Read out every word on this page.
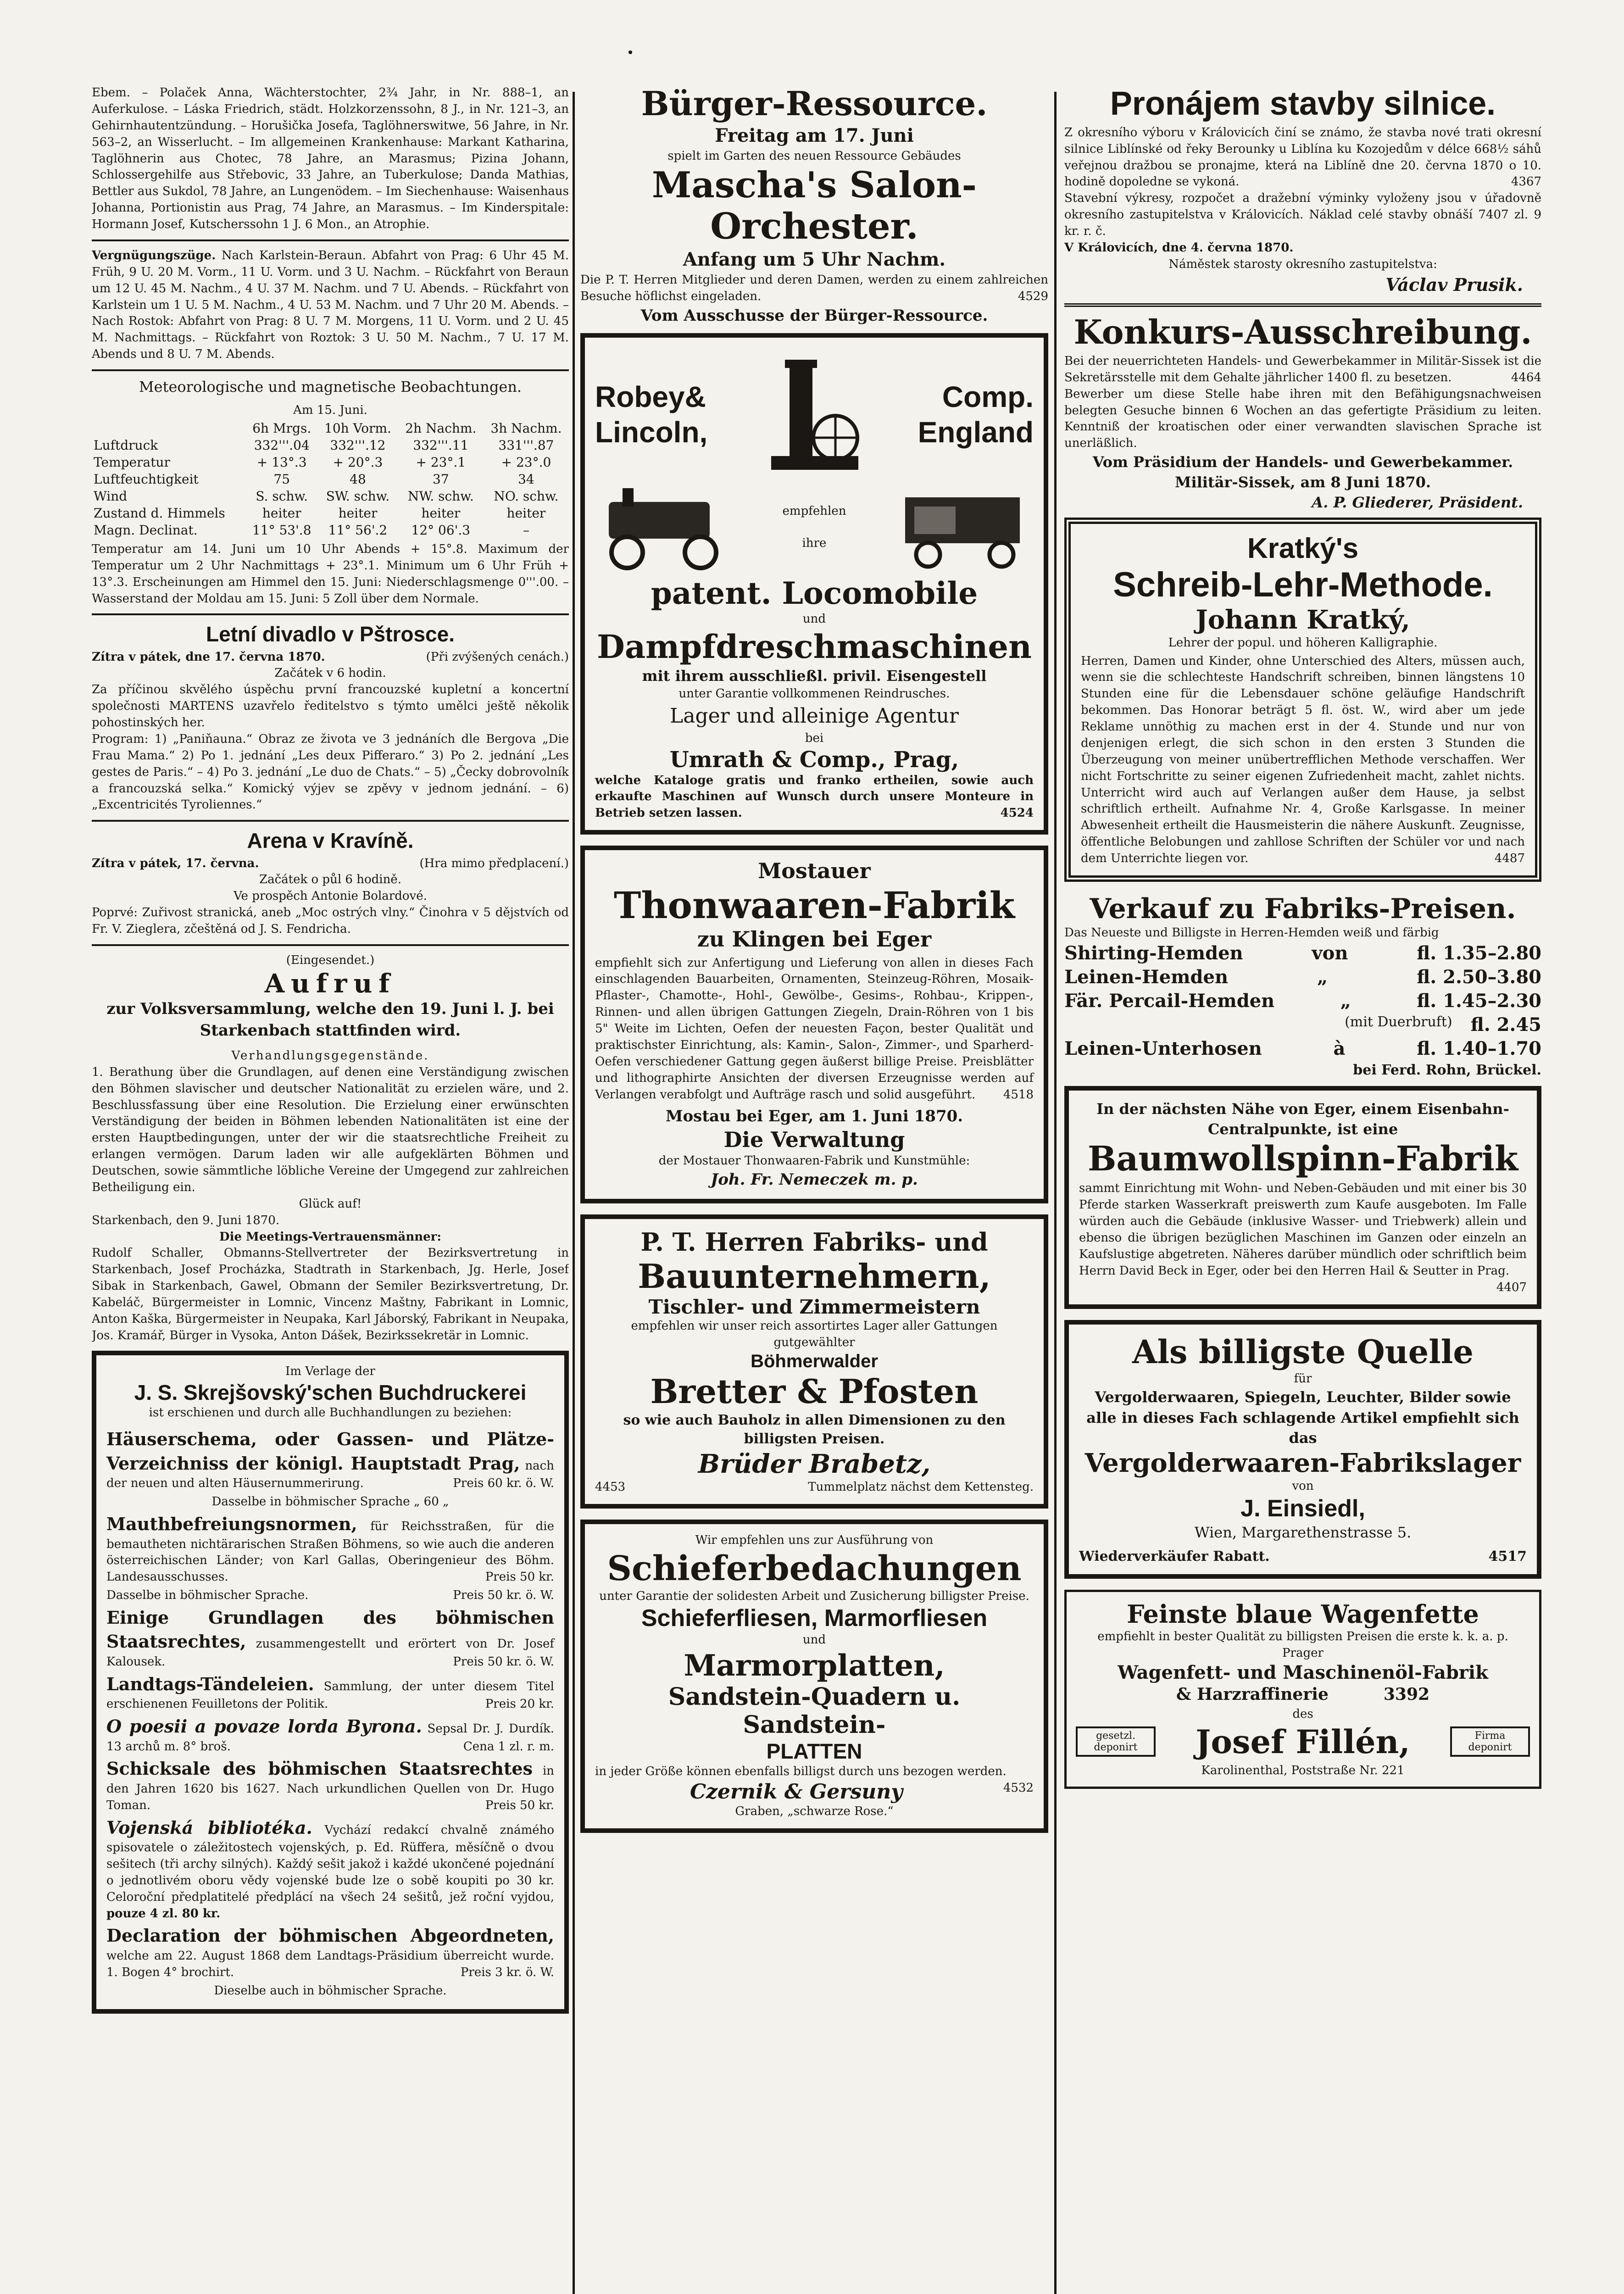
Ebem. – Polaček Anna, Wächterstochter, 2¾ Jahr, in Nr. 888–1, an Auferkulose. – Láska Friedrich, städt. Holzkorzenssohn, 8 J., in Nr. 121–3, an Gehirnhautentzündung. – Horušička Josefa, Taglöhnerswitwe, 56 Jahre, in Nr. 563–2, an Wisserlucht. – Im allgemeinen Krankenhause: Markant Katharina, Taglöhnerin aus Chotec, 78 Jahre, an Marasmus; Pizina Johann, Schlossergehilfe aus Střebovic, 33 Jahre, an Tuberkulose; Danda Mathias, Bettler aus Sukdol, 78 Jahre, an Lungenödem. – Im Siechenhause: Waisenhaus Johanna, Portionistin aus Prag, 74 Jahre, an Marasmus. – Im Kinderspitale: Hormann Josef, Kutscherssohn 1 J. 6 Mon., an Atrophie.
Vergnügungszüge. Nach Karlstein-Beraun. Abfahrt von Prag: 6 Uhr 45 M. Früh, 9 U. 20 M. Vorm., 11 U. Vorm. und 3 U. Nachm. – Rückfahrt von Beraun um 12 U. 45 M. Nachm., 4 U. 37 M. Nachm. und 7 U. Abends. – Rückfahrt von Karlstein um 1 U. 5 M. Nachm., 4 U. 53 M. Nachm. und 7 Uhr 20 M. Abends. – Nach Rostok: Abfahrt von Prag: 8 U. 7 M. Morgens, 11 U. Vorm. und 2 U. 45 M. Nachmittags. – Rückfahrt von Roztok: 3 U. 50 M. Nachm., 7 U. 17 M. Abends und 8 U. 7 M. Abends.
Meteorologische und magnetische Beobachtungen.
Am 15. Juni.
	6h Mrgs.	10h Vorm.	2h Nachm.	3h Nachm.
Luftdruck	332'''.04	332'''.12	332'''.11	331'''.87
Temperatur	+ 13°.3	+ 20°.3	+ 23°.1	+ 23°.0
Luftfeuchtigkeit	75	48	37	34
Wind	S. schw.	SW. schw.	NW. schw.	NO. schw.
Zustand d. Himmels	heiter	heiter	heiter	heiter
Magn. Declinat.	11° 53'.8	11° 56'.2	12° 06'.3	–
Temperatur am 14. Juni um 10 Uhr Abends + 15°.8. Maximum der Temperatur um 2 Uhr Nachmittags + 23°.1. Minimum um 6 Uhr Früh + 13°.3. Erscheinungen am Himmel den 15. Juni: Niederschlagsmenge 0'''.00. – Wasserstand der Moldau am 15. Juni: 5 Zoll über dem Normale.
Letní divadlo v Pštrosce.
Zítra v pátek, dne 17. června 1870.	(Při zvýšených cenách.)
Začátek v 6 hodin.
Za příčinou skvělého úspěchu první francouzské kupletní a koncertní společnosti MARTENS uzavřelo ředitelstvo s týmto umělci ještě několik pohostinských her.
Program: 1) „Paniňauna.“ Obraz ze života ve 3 jednáních dle Bergova „Die Frau Mama.“ 2) Po 1. jednání „Les deux Pifferaro.“ 3) Po 2. jednání „Les gestes de Paris.“ – 4) Po 3. jednání „Le duo de Chats.“ – 5) „Čecky dobrovolník a francouzská selka.“ Komický výjev se zpěvy v jednom jednání. – 6) „Excentricités Tyroliennes.“
Arena v Kravíně.
Zítra v pátek, 17. června.	(Hra mimo předplacení.)
Začátek o půl 6 hodině.
Ve prospěch Antonie Bolardové.
Poprvé: Zuřivost stranická, aneb „Moc ostrých vlny.“ Činohra v 5 dějstvích od Fr. V. Zieglera, zčeštěná od J. S. Fendricha.
(Eingesendet.)
Aufruf
zur Volksversammlung, welche den 19. Juni l. J. bei Starkenbach stattfinden wird.
Verhandlungsgegenstände.
1. Berathung über die Grundlagen, auf denen eine Verständigung zwischen den Böhmen slavischer und deutscher Nationalität zu erzielen wäre, und 2. Beschlussfassung über eine Resolution. Die Erzielung einer erwünschten Verständigung der beiden in Böhmen lebenden Nationalitäten ist eine der ersten Hauptbedingungen, unter der wir die staatsrechtliche Freiheit zu erlangen vermögen. Darum laden wir alle aufgeklärten Böhmen und Deutschen, sowie sämmtliche löbliche Vereine der Umgegend zur zahlreichen Betheiligung ein.
Glück auf!
Starkenbach, den 9. Juni 1870.
Die Meetings-Vertrauensmänner:
Rudolf Schaller, Obmanns-Stellvertreter der Bezirksvertretung in Starkenbach, Josef Procházka, Stadtrath in Starkenbach, Jg. Herle, Josef Sibak in Starkenbach, Gawel, Obmann der Semiler Bezirksvertretung, Dr. Kabeláč, Bürgermeister in Lomnic, Vincenz Maštny, Fabrikant in Lomnic, Anton Kaška, Bürgermeister in Neupaka, Karl Jáborský, Fabrikant in Neupaka, Jos. Kramář, Bürger in Vysoka, Anton Dášek, Bezirkssekretär in Lomnic.
Im Verlage der
J. S. Skrejšovský'schen Buchdruckerei
ist erschienen und durch alle Buchhandlungen zu beziehen:
Häuserschema, oder Gassen- und Plätze-Verzeichniss der königl. Hauptstadt Prag, nach der neuen und alten Häusernummerirung.	Preis 60 kr. ö. W.
Dasselbe in böhmischer Sprache „ 60 „
Mauthbefreiungsnormen, für Reichsstraßen, für die bemautheten nichtärarischen Straßen Böhmens, so wie auch die anderen österreichischen Länder; von Karl Gallas, Oberingenieur des Böhm. Landesausschusses.	Preis 50 kr.
Dasselbe in böhmischer Sprache.	Preis 50 kr. ö. W.
Einige Grundlagen des böhmischen Staatsrechtes, zusammengestellt und erörtert von Dr. Josef Kalousek.	Preis 50 kr. ö. W.
Landtags-Tändeleien. Sammlung, der unter diesem Titel erschienenen Feuilletons der Politik.	Preis 20 kr.
O poesii a povaze lorda Byrona. Sepsal Dr. J. Durdík. 13 archů m. 8° broš.	Cena 1 zl. r. m.
Schicksale des böhmischen Staatsrechtes in den Jahren 1620 bis 1627. Nach urkundlichen Quellen von Dr. Hugo Toman.	Preis 50 kr.
Vojenská bibliotéka. Vychází redakcí chvalně známého spisovatele o záležitostech vojenských, p. Ed. Rüffera, měsíčně o dvou sešitech (tři archy silných). Každý sešit jakož i každé ukončené pojednání o jednotlivém oboru vědy vojenské bude lze o sobě koupiti po 30 kr. Celoroční předplatitelé předplácí na všech 24 sešitů, jež roční vyjdou, pouze 4 zl. 80 kr.
Declaration der böhmischen Abgeordneten, welche am 22. August 1868 dem Landtags-Präsidium überreicht wurde. 1. Bogen 4° brochirt.	Preis 3 kr. ö. W.
Dieselbe auch in böhmischer Sprache.
Bürger-Ressource.
Freitag am 17. Juni
spielt im Garten des neuen Ressource Gebäudes
Mascha's Salon-Orchester.
Anfang um 5 Uhr Nachm.
Die P. T. Herren Mitglieder und deren Damen, werden zu einem zahlreichen Besuche höflichst eingeladen.	4529
Vom Ausschusse der Bürger-Ressource.
Robey&
Lincoln,
Comp.
England
empfehlen
ihre
patent. Locomobile
und
Dampfdreschmaschinen
mit ihrem ausschließl. privil. Eisengestell
unter Garantie vollkommenen Reindrusches.
Lager und alleinige Agentur
bei
Umrath & Comp., Prag,
welche Kataloge gratis und franko ertheilen, sowie auch erkaufte Maschinen auf Wunsch durch unsere Monteure in Betrieb setzen lassen.	4524
Mostauer
Thonwaaren-Fabrik
zu Klingen bei Eger
empfiehlt sich zur Anfertigung und Lieferung von allen in dieses Fach einschlagenden Bauarbeiten, Ornamenten, Steinzeug-Röhren, Mosaik-Pflaster-, Chamotte-, Hohl-, Gewölbe-, Gesims-, Rohbau-, Krippen-, Rinnen- und allen übrigen Gattungen Ziegeln, Drain-Röhren von 1 bis 5" Weite im Lichten, Oefen der neuesten Façon, bester Qualität und praktischster Einrichtung, als: Kamin-, Salon-, Zimmer-, und Sparherd-Oefen verschiedener Gattung gegen äußerst billige Preise. Preisblätter und lithographirte Ansichten der diversen Erzeugnisse werden auf Verlangen verabfolgt und Aufträge rasch und solid ausgeführt. 4518
Mostau bei Eger, am 1. Juni 1870.
Die Verwaltung
der Mostauer Thonwaaren-Fabrik und Kunstmühle:
Joh. Fr. Nemeczek m. p.
P. T. Herren Fabriks- und
Bauunternehmern,
Tischler- und Zimmermeistern
empfehlen wir unser reich assortirtes Lager aller Gattungen gutgewählter
Böhmerwalder
Bretter & Pfosten
so wie auch Bauholz in allen Dimensionen zu den billigsten Preisen.
Brüder Brabetz,
4453	Tummelplatz nächst dem Kettensteg.
Wir empfehlen uns zur Ausführung von
Schieferbedachungen
unter Garantie der solidesten Arbeit und Zusicherung billigster Preise.
Schieferfliesen, Marmorfliesen
und
Marmorplatten,
Sandstein-Quadern u. Sandstein-
PLATTEN
in jeder Größe können ebenfalls billigst durch uns bezogen werden.
4532
Czernik & Gersuny
Graben, „schwarze Rose.“
Pronájem stavby silnice.
Z okresního výboru v Královicích činí se známo, že stavba nové trati okresní silnice Liblínské od řeky Berounky u Liblína ku Kozojedům v délce 668½ sáhů veřejnou dražbou se pronajme, která na Liblíně dne 20. června 1870 o 10. hodině dopoledne se vykoná.	4367
Stavební výkresy, rozpočet a dražební výminky vyloženy jsou v úřadovně okresního zastupitelstva v Královicích. Náklad celé stavby obnáší 7407 zl. 9 kr. r. č.
V Královicích, dne 4. června 1870.
Náměstek starosty okresního zastupitelstva:
Václav Prusik.
Konkurs-Ausschreibung.
Bei der neuerrichteten Handels- und Gewerbekammer in Militär-Sissek ist die Sekretärsstelle mit dem Gehalte jährlicher 1400 fl. zu besetzen.	4464
Bewerber um diese Stelle habe ihren mit den Befähigungsnachweisen belegten Gesuche binnen 6 Wochen an das gefertigte Präsidium zu leiten. Kenntniß der kroatischen oder einer verwandten slavischen Sprache ist unerläßlich.
Vom Präsidium der Handels- und Gewerbekammer.
Militär-Sissek, am 8 Juni 1870.
A. P. Gliederer, Präsident.
Kratký's
Schreib-Lehr-Methode.
Johann Kratký,
Lehrer der popul. und höheren Kalligraphie.
Herren, Damen und Kinder, ohne Unterschied des Alters, müssen auch, wenn sie die schlechteste Handschrift schreiben, binnen längstens 10 Stunden eine für die Lebensdauer schöne geläufige Handschrift bekommen. Das Honorar beträgt 5 fl. öst. W., wird aber um jede Reklame unnöthig zu machen erst in der 4. Stunde und nur von denjenigen erlegt, die sich schon in den ersten 3 Stunden die Überzeugung von meiner unübertrefflichen Methode verschaffen. Wer nicht Fortschritte zu seiner eigenen Zufriedenheit macht, zahlet nichts. Unterricht wird auch auf Verlangen außer dem Hause, ja selbst schriftlich ertheilt. Aufnahme Nr. 4, Große Karlsgasse. In meiner Abwesenheit ertheilt die Hausmeisterin die nähere Auskunft. Zeugnisse, öffentliche Belobungen und zahllose Schriften der Schüler vor und nach dem Unterrichte liegen vor.	4487
Verkauf zu Fabriks-Preisen.
Das Neueste und Billigste in Herren-Hemden weiß und färbig
Shirting-Hemden	von	fl. 1.35–2.80
Leinen-Hemden	„	fl. 2.50–3.80
Fär. Percail-Hemden	„	fl. 1.45–2.30
(mit Duerbruft) fl. 2.45
Leinen-Unterhosen	à	fl. 1.40–1.70
bei Ferd. Rohn, Brückel.
In der nächsten Nähe von Eger, einem Eisenbahn-Centralpunkte, ist eine
Baumwollspinn-Fabrik
sammt Einrichtung mit Wohn- und Neben-Gebäuden und mit einer bis 30 Pferde starken Wasserkraft preiswerth zum Kaufe ausgeboten. Im Falle würden auch die Gebäude (inklusive Wasser- und Triebwerk) allein und ebenso die übrigen bezüglichen Maschinen im Ganzen oder einzeln an Kaufslustige abgetreten. Näheres darüber mündlich oder schriftlich beim Herrn David Beck in Eger, oder bei den Herren Hail & Seutter in Prag.
4407
Als billigste Quelle
für
Vergolderwaaren, Spiegeln, Leuchter, Bilder sowie alle in dieses Fach schlagende Artikel empfiehlt sich das
Vergolderwaaren-Fabrikslager
von
J. Einsiedl,
Wien, Margarethenstrasse 5.
Wiederverkäufer Rabatt.	4517
Feinste blaue Wagenfette
empfiehlt in bester Qualität zu billigsten Preisen die erste k. k. a. p. Prager
Wagenfett- und Maschinenöl-Fabrik
& Harzraffinerie	3392
des
gesetzl. deponirt	Josef Fillén,	Firma deponirt
Karolinenthal, Poststraße Nr. 221
